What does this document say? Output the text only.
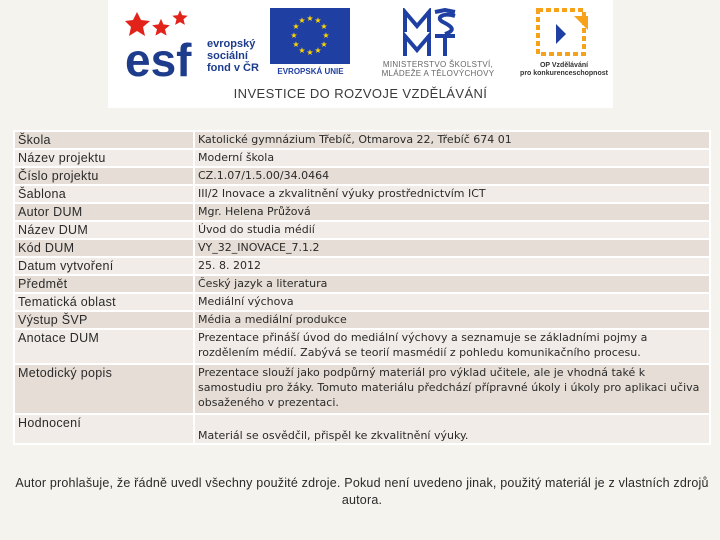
esf evropský
sociální
fond v ČR
★ ★
★
★
★
★
★
★
★
★
★
★
EVROPSKÁ UNIE
MINISTERSTVO ŠKOLSTVÍ,
MLÁDEŽE A TĚLOVÝCHOVY
OP Vzdělávání
pro konkurenceschopnost
INVESTICE DO ROZVOJE VZDĚLÁVÁNÍ
Škola	Katolické gymnázium Třebíč, Otmarova 22, Třebíč 674 01
Název projektu	Moderní škola
Číslo projektu	CZ.1.07/1.5.00/34.0464
Šablona	III/2 Inovace a zkvalitnění výuky prostřednictvím ICT
Autor DUM	Mgr. Helena Průžová
Název DUM	Úvod do studia médií
Kód DUM	VY_32_INOVACE_7.1.2
Datum vytvoření	25. 8. 2012
Předmět	Český jazyk a literatura
Tematická oblast	Mediální výchova
Výstup ŠVP	Média a mediální produkce
Anotace DUM	Prezentace přináší úvod do mediální výchovy a seznamuje se základními pojmy a rozdělením médií. Zabývá se teorií masmédií z pohledu komunikačního procesu.
Metodický popis	Prezentace slouží jako podpůrný materiál pro výklad učitele, ale je vhodná také k samostudiu pro žáky. Tomuto materiálu předchází přípravné úkoly i úkoly pro aplikaci učiva obsaženého v prezentaci.
Hodnocení	Materiál se osvědčil, přispěl ke zkvalitnění výuky.
Autor prohlašuje, že řádně uvedl všechny použité zdroje. Pokud není uvedeno jinak, použitý materiál je z vlastních zdrojů autora.
